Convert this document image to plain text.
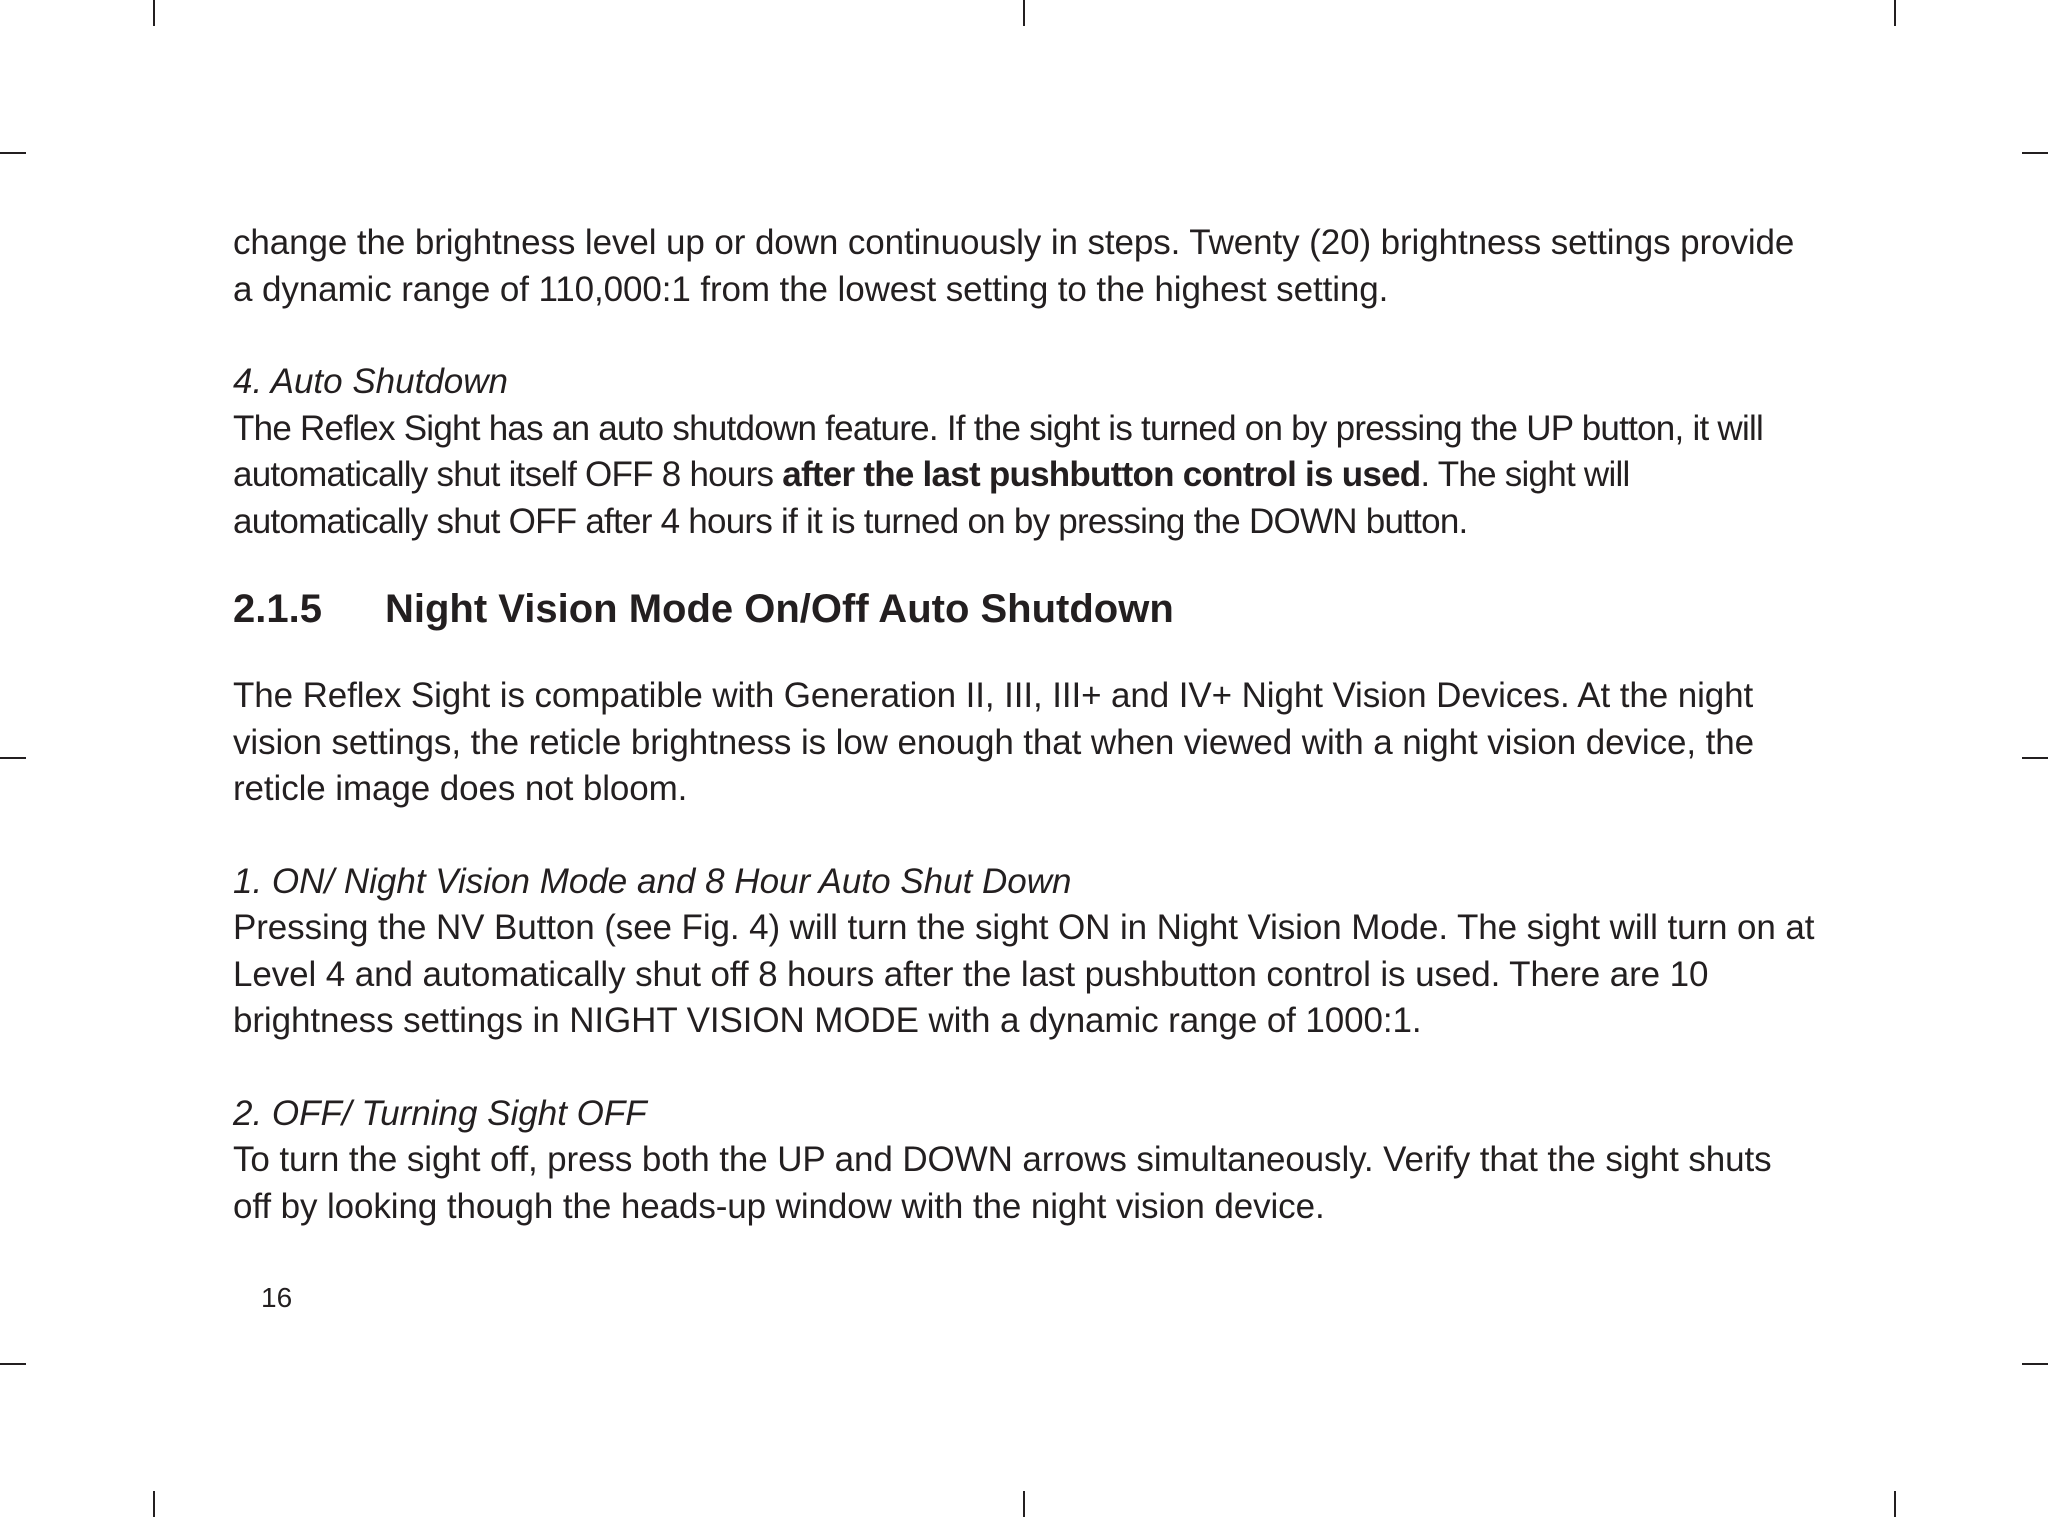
change the brightness level up or down continuously in steps. Twenty (20) brightness settings provide a dynamic range of 110,000:1 from the lowest setting to the highest setting.

4. Auto Shutdown

The Reflex Sight has an auto shutdown feature. If the sight is turned on by pressing the UP button, it will automatically shut itself OFF 8 hours after the last pushbutton control is used. The sight will automatically shut OFF after 4 hours if it is turned on by pressing the DOWN button.

2.1.5	Night Vision Mode On/Off Auto Shutdown

The Reflex Sight is compatible with Generation II, III, III+ and IV+ Night Vision Devices. At the night vision settings, the reticle brightness is low enough that when viewed with a night vision device, the reticle image does not bloom.

1. ON/ Night Vision Mode and 8 Hour Auto Shut Down

Pressing the NV Button (see Fig. 4) will turn the sight ON in Night Vision Mode. The sight will turn on at Level 4 and automatically shut off 8 hours after the last pushbutton control is used. There are 10 brightness settings in NIGHT VISION MODE with a dynamic range of 1000:1.

2. OFF/ Turning Sight OFF

To turn the sight off, press both the UP and DOWN arrows simultaneously. Verify that the sight shuts off by looking though the heads-up window with the night vision device.

16
